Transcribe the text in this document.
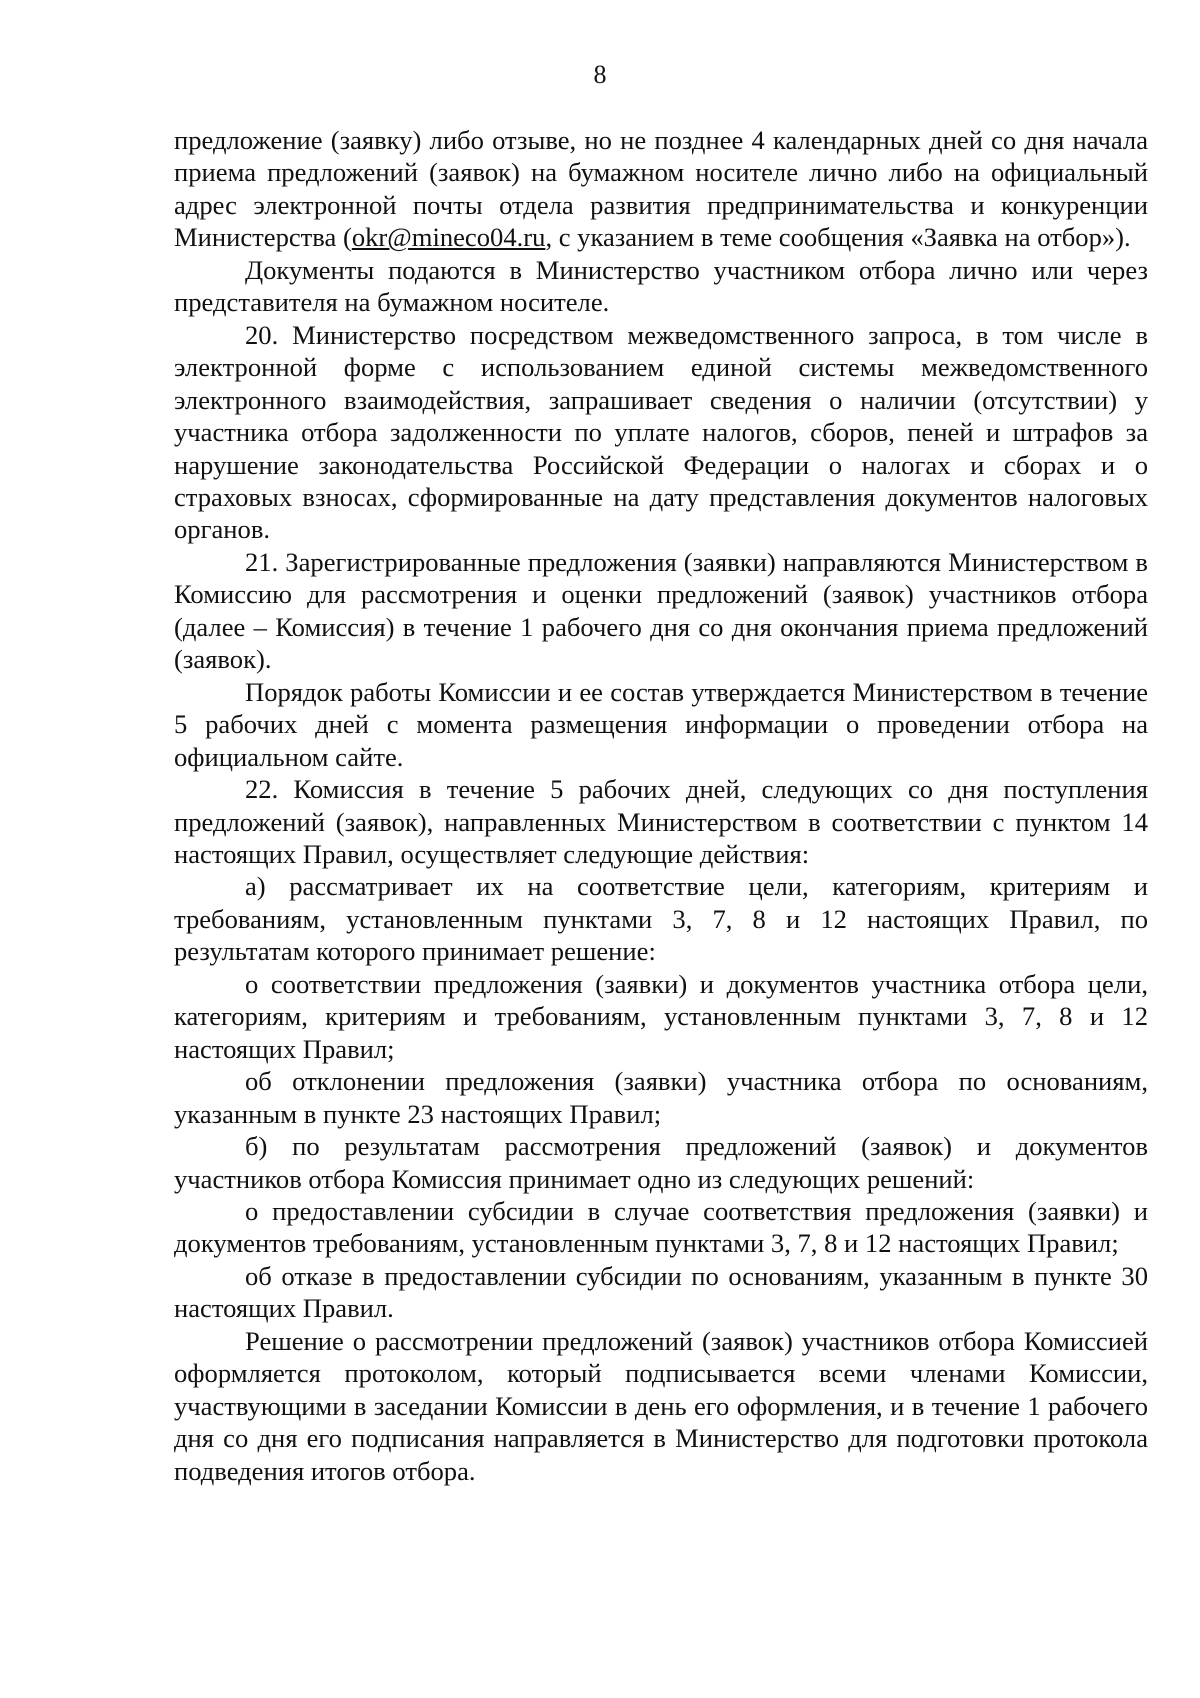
8

предложение (заявку) либо отзыве, но не позднее 4 календарных дней со дня начала приема предложений (заявок) на бумажном носителе лично либо на официальный адрес электронной почты отдела развития предпринимательства и конкуренции Министерства (okr@mineco04.ru, с указанием в теме сообщения «Заявка на отбор»).

Документы подаются в Министерство участником отбора лично или через представителя на бумажном носителе.

20. Министерство посредством межведомственного запроса, в том числе в электронной форме с использованием единой системы межведомственного электронного взаимодействия, запрашивает сведения о наличии (отсутствии) у участника отбора задолженности по уплате налогов, сборов, пеней и штрафов за нарушение законодательства Российской Федерации о налогах и сборах и о страховых взносах, сформированные на дату представления документов налоговых органов.

21. Зарегистрированные предложения (заявки) направляются Министерством в Комиссию для рассмотрения и оценки предложений (заявок) участников отбора (далее – Комиссия) в течение 1 рабочего дня со дня окончания приема предложений (заявок).

Порядок работы Комиссии и ее состав утверждается Министерством в течение 5 рабочих дней с момента размещения информации о проведении отбора на официальном сайте.

22. Комиссия в течение 5 рабочих дней, следующих со дня поступления предложений (заявок), направленных Министерством в соответствии с пунктом 14 настоящих Правил, осуществляет следующие действия:

а) рассматривает их на соответствие цели, категориям, критериям и требованиям, установленным пунктами 3, 7, 8 и 12 настоящих Правил, по результатам которого принимает решение:

о соответствии предложения (заявки) и документов участника отбора цели, категориям, критериям и требованиям, установленным пунктами 3, 7, 8 и 12 настоящих Правил;

об отклонении предложения (заявки) участника отбора по основаниям, указанным в пункте 23 настоящих Правил;

б) по результатам рассмотрения предложений (заявок) и документов участников отбора Комиссия принимает одно из следующих решений:

о предоставлении субсидии в случае соответствия предложения (заявки) и документов требованиям, установленным пунктами 3, 7, 8 и 12 настоящих Правил;

об отказе в предоставлении субсидии по основаниям, указанным в пункте 30 настоящих Правил.

Решение о рассмотрении предложений (заявок) участников отбора Комиссией оформляется протоколом, который подписывается всеми членами Комиссии, участвующими в заседании Комиссии в день его оформления, и в течение 1 рабочего дня со дня его подписания направляется в Министерство для подготовки протокола подведения итогов отбора.
